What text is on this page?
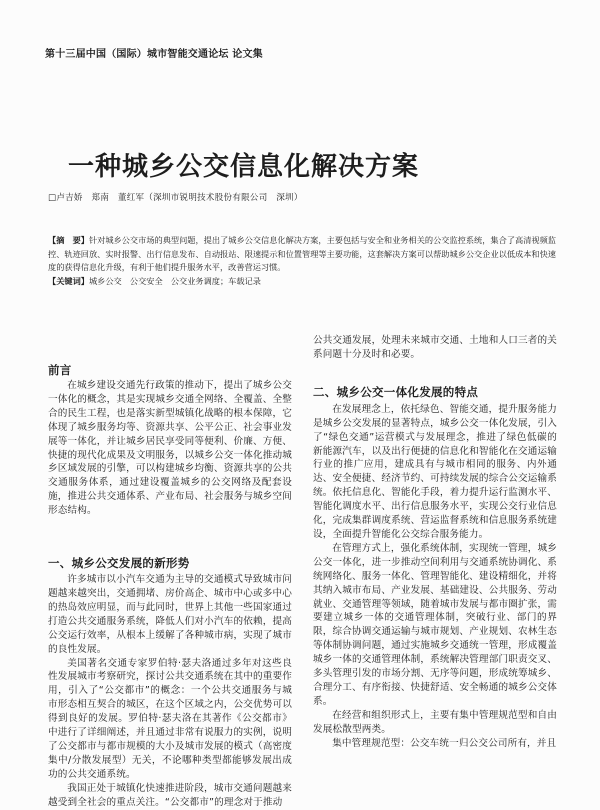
第十三届中国（国际）城市智能交通论坛 论文集
一种城乡公交信息化解决方案
□卢吉娇　郑南　董红军（深圳市锐明技术股份有限公司　深圳）

【摘　要】针对城乡公交市场的典型问题，提出了城乡公交信息化解决方案，主要包括与安全和业务相关的公交监控系统，集合了高清视频监控、轨迹回放、实时报警、出行信息发布、自动报站、限速提示和位置管理等主要功能，这套解决方案可以帮助城乡公交企业以低成本和快速度的获得信息化升级，有利于他们提升服务水平，改善营运习惯。

【关键词】城乡公交　公交安全　公交业务调度；车载记录

前言

在城乡建设交通先行政策的推动下，提出了城乡公交一体化的概念，其是实现城乡交通全网络、全覆盖、全整合的民生工程，也是落实新型城镇化战略的根本保障，它体现了城乡服务均等、资源共享、公平公正、社会事业发展等一体化，并让城乡居民享受同等便利、价廉、方便、快捷的现代化成果及文明服务，以城乡公交一体化推动城乡区域发展的引擎，可以构建城乡均衡、资源共享的公共交通服务体系，通过建设覆盖城乡的公交网络及配套设施，推进公共交通体系、产业布局、社会服务与城乡空间形态结构。

一、城乡公交发展的新形势

许多城市以小汽车交通为主导的交通模式导致城市问题越来越突出，交通拥堵、房价高企、城市中心或多中心的热岛效应明显，而与此同时，世界上其他一些国家通过打造公共交通服务系统，降低人们对小汽车的依赖，提高公交运行效率，从根本上缓解了各种城市病，实现了城市的良性发展。

美国著名交通专家罗伯特·瑟夫洛通过多年对这些良性发展城市考察研究，探讨公共交通系统在其中的重要作用，引入了“公交都市”的概念：一个公共交通服务与城市形态相互契合的城区，在这个区域之内，公交优势可以得到良好的发展。罗伯特·瑟夫洛在其著作《公交都市》中进行了详细阐述，并且通过非常有说服力的实例，说明了公交都市与都市规模的大小及城市发展的模式（高密度集中/分散发展型）无关，不论哪种类型都能够发展出成功的公共交通系统。

我国正处于城镇化快速推进阶段，城市交通问题越来越受到全社会的重点关注。“公交都市”的理念对于推动

公共交通发展，处理未来城市交通、土地和人口三者的关系问题十分及时和必要。

二、城乡公交一体化发展的特点

在发展理念上，依托绿色、智能交通，提升服务能力是城乡公交发展的显著特点，城乡公交一体化发展，引入了“绿色交通”运营模式与发展理念，推进了绿色低碳的新能源汽车，以及出行便捷的信息化和智能化在交通运输行业的推广应用，建成具有与城市相同的服务、内外通达、安全便捷、经济节约、可持续发展的综合公交运输系统。依托信息化、智能化手段，着力提升运行监测水平、智能化调度水平、出行信息服务水平，实现公交行业信息化，完成集群调度系统、营运监督系统和信息服务系统建设，全面提升智能化公交综合服务能力。

在管理方式上，强化系统体制，实现统一管理，城乡公交一体化，进一步推动空间利用与交通系统协调化、系统网络化、服务一体化、管理智能化、建设精细化，并将其纳入城市布局、产业发展、基础建设、公共服务、劳动就业、交通管理等领域，随着城市发展与都市圈扩张，需要建立城乡一体的交通管理体制，突破行业、部门的界限，综合协调交通运输与城市规划、产业规划、农林生态等体制协调问题，通过实施城乡交通统一管理，形成覆盖城乡一体的交通管理体制，系统解决管理部门职责交叉、多头管理引发的市场分割、无序等问题，形成统筹城乡、合理分工、有序衔接、快捷舒适、安全畅通的城乡公交体系。

在经营和组织形式上，主要有集中管理规范型和自由发展松散型两类。

集中管理规范型：公交车统一归公交公司所有，并且
